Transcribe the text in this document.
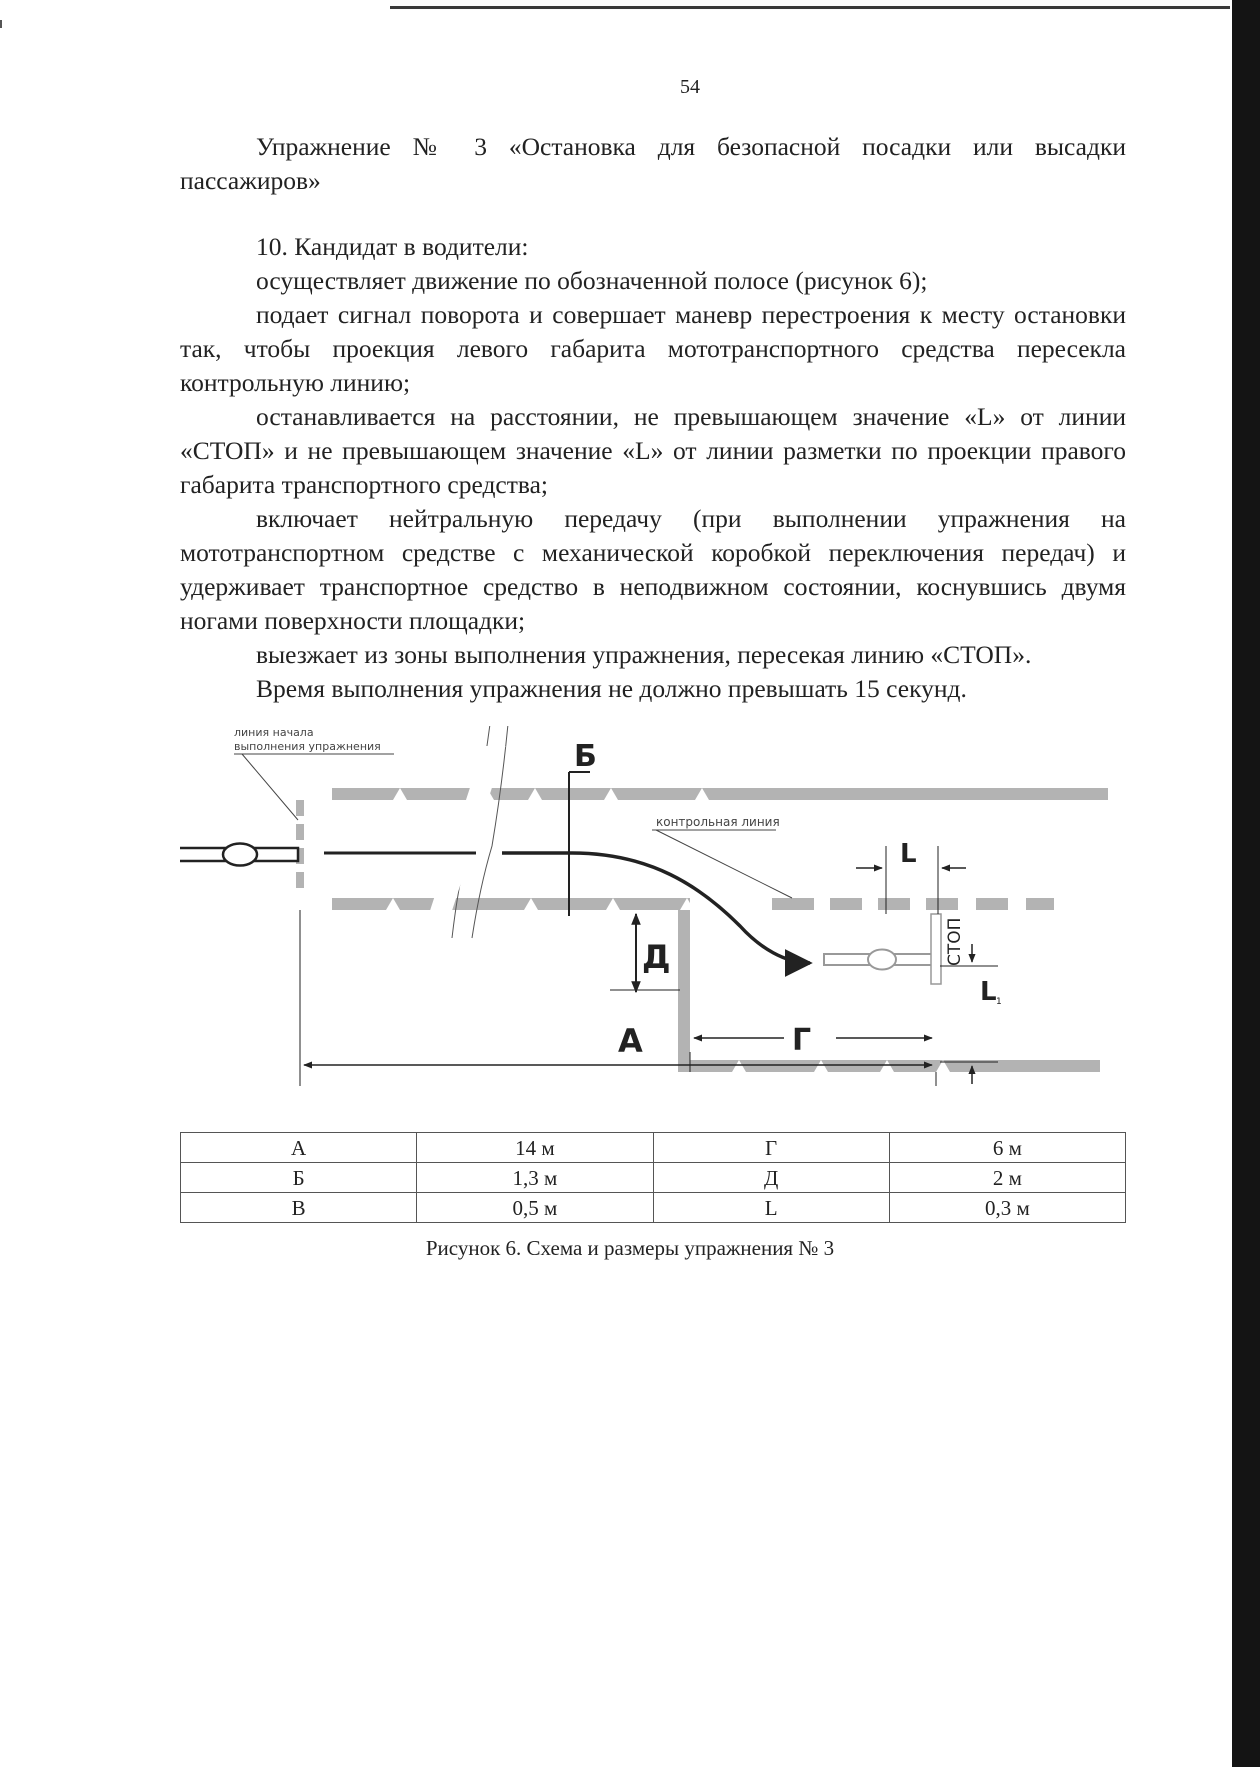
54

Упражнение № 3 «Остановка для безопасной посадки или высадки пассажиров»

10. Кандидат в водители:

осуществляет движение по обозначенной полосе (рисунок 6);

подает сигнал поворота и совершает маневр перестроения к месту остановки так, чтобы проекция левого габарита мототранспортного средства пересекла контрольную линию;

останавливается на расстоянии, не превышающем значение «L» от линии «СТОП» и не превышающем значение «L» от линии разметки по проекции правого габарита транспортного средства;

включает нейтральную передачу (при выполнении упражнения на мототранспортном средстве с механической коробкой переключения передач) и удерживает транспортное средство в неподвижном состоянии, коснувшись двумя ногами поверхности площадки;

выезжает из зоны выполнения упражнения, пересекая линию «СТОП».

Время выполнения упражнения не должно превышать 15 секунд.

СТОП
линия начала
выполнения упражнения
контрольная линия
Б
Д
А	Г
L
L 1
А	14 м	Г	6 м
Б	1,3 м	Д	2 м
В	0,5 м	L	0,3 м
Рисунок 6. Схема и размеры упражнения № 3
